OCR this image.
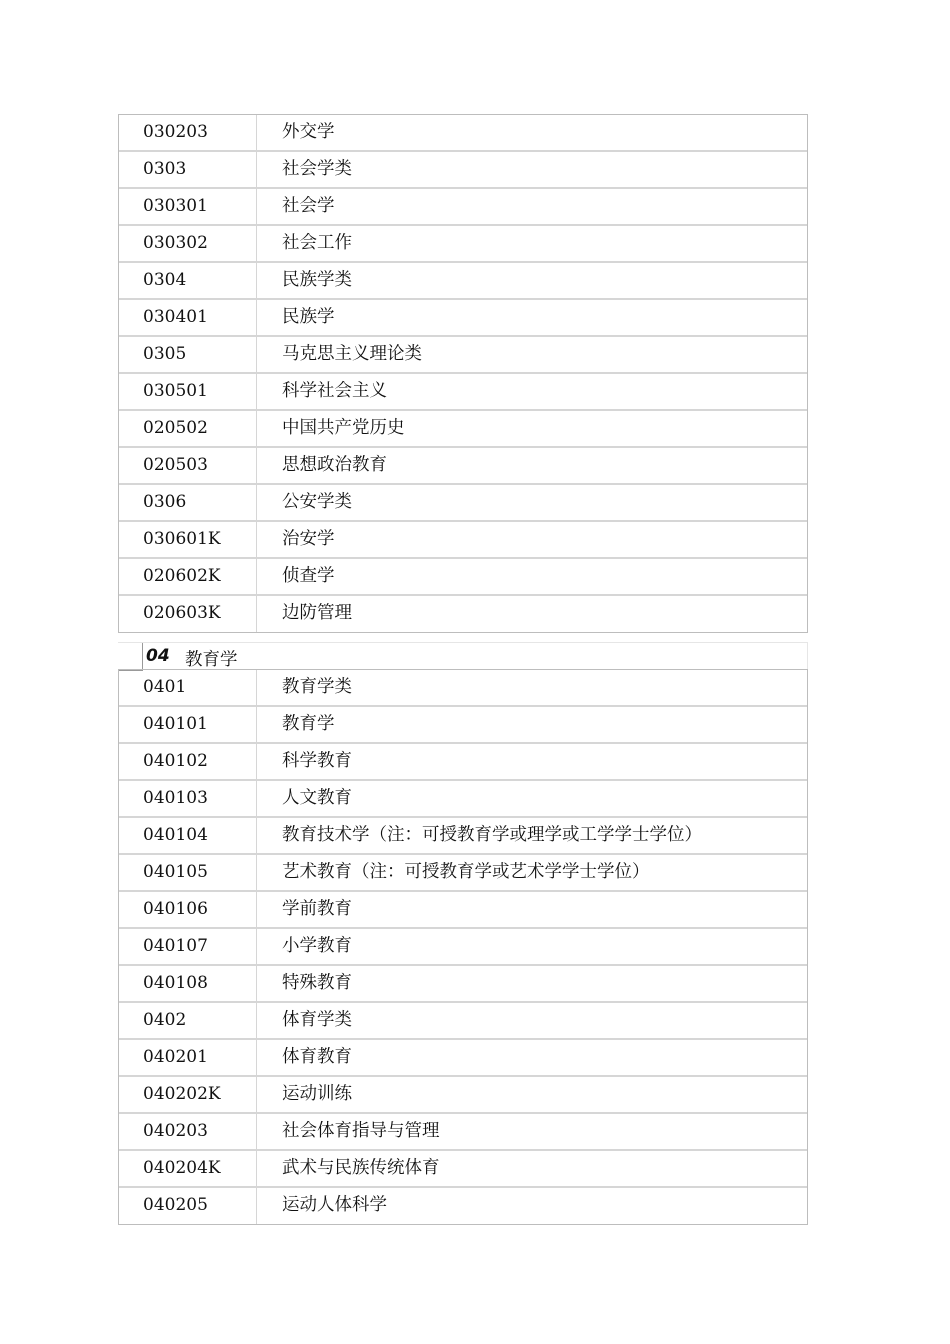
030203	外交学
0303	社会学类
030301	社会学
030302	社会工作
0304	民族学类
030401	民族学
0305	马克思主义理论类
030501	科学社会主义
020502	中国共产党历史
020503	思想政治教育
0306	公安学类
030601K	治安学
020602K	侦查学
020603K	边防管理
04 教育学
0401	教育学类
040101	教育学
040102	科学教育
040103	人文教育
040104	教育技术学（注：可授教育学或理学或工学学士学位）
040105	艺术教育（注：可授教育学或艺术学学士学位）
040106	学前教育
040107	小学教育
040108	特殊教育
0402	体育学类
040201	体育教育
040202K	运动训练
040203	社会体育指导与管理
040204K	武术与民族传统体育
040205	运动人体科学
